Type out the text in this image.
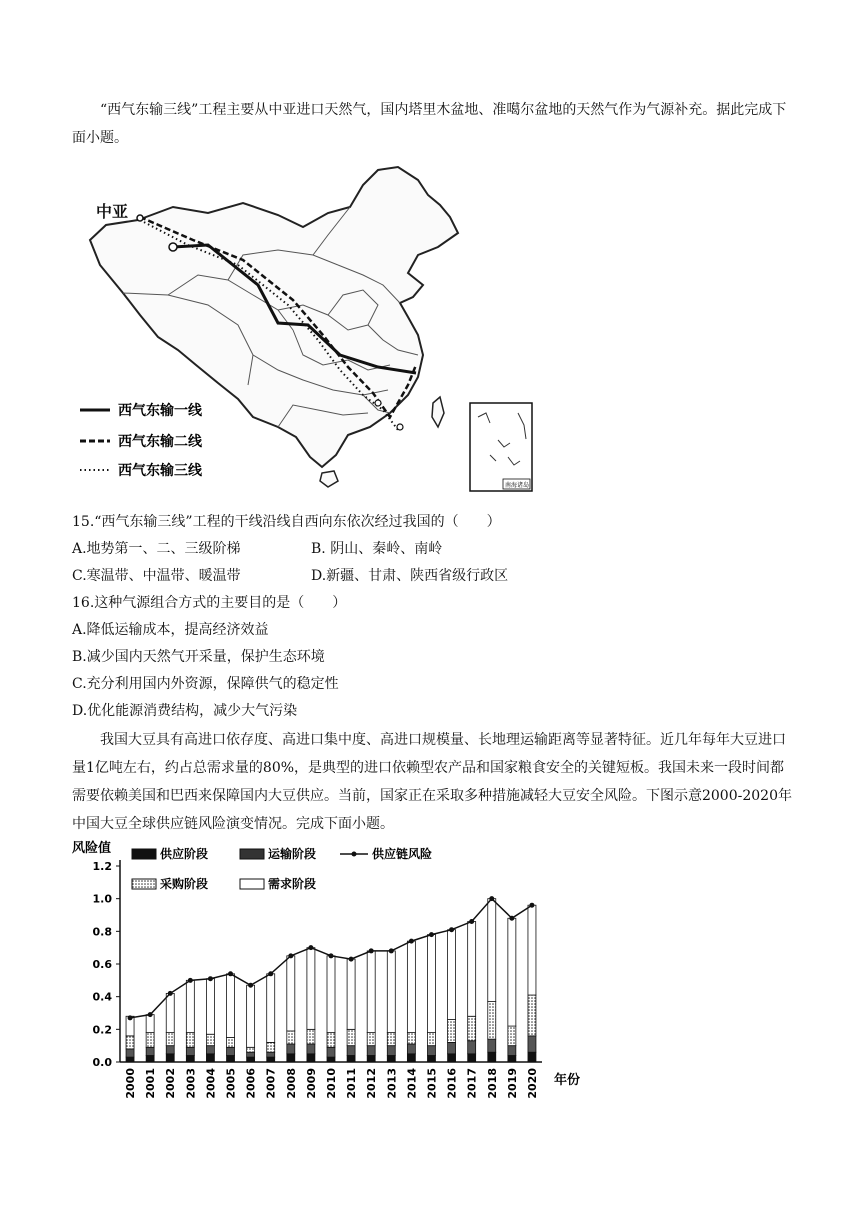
“西气东输三线”工程主要从中亚进口天然气，国内塔里木盆地、准噶尔盆地的天然气作为气源补充。据此完成下面小题。
中亚
西气东输一线
西气东输二线
西气东输三线
南海诸岛
15.“西气东输三线”工程的干线沿线自西向东依次经过我国的（　　）
A.地势第一、二、三级阶梯	B. 阴山、秦岭、南岭
C.寒温带、中温带、暖温带	D.新疆、甘肃、陕西省级行政区
16.这种气源组合方式的主要目的是（　　）
A.降低运输成本，提高经济效益
B.减少国内天然气开采量，保护生态环境
C.充分利用国内外资源，保障供气的稳定性
D.优化能源消费结构，减少大气污染
我国大豆具有高进口依存度、高进口集中度、高进口规模量、长地理运输距离等显著特征。近几年每年大豆进口量1亿吨左右，约占总需求量的80%，是典型的进口依赖型农产品和国家粮食安全的关键短板。我国未来一段时间都需要依赖美国和巴西来保障国内大豆供应。当前，国家正在采取多种措施减轻大豆安全风险。下图示意2000-2020年中国大豆全球供应链风险演变情况。完成下面小题。
风险值
年份
0.0
0.2
0.4
0.6
0.8
1.0
1.2
2000 2001 2002 2003 2004 2005 2006 2007 2008 2009 2010 2011 2012 2013 2014 2015 2016 2017 2018 2019 2020
供应阶段	运输阶段	供应链风险
采购阶段	需求阶段
